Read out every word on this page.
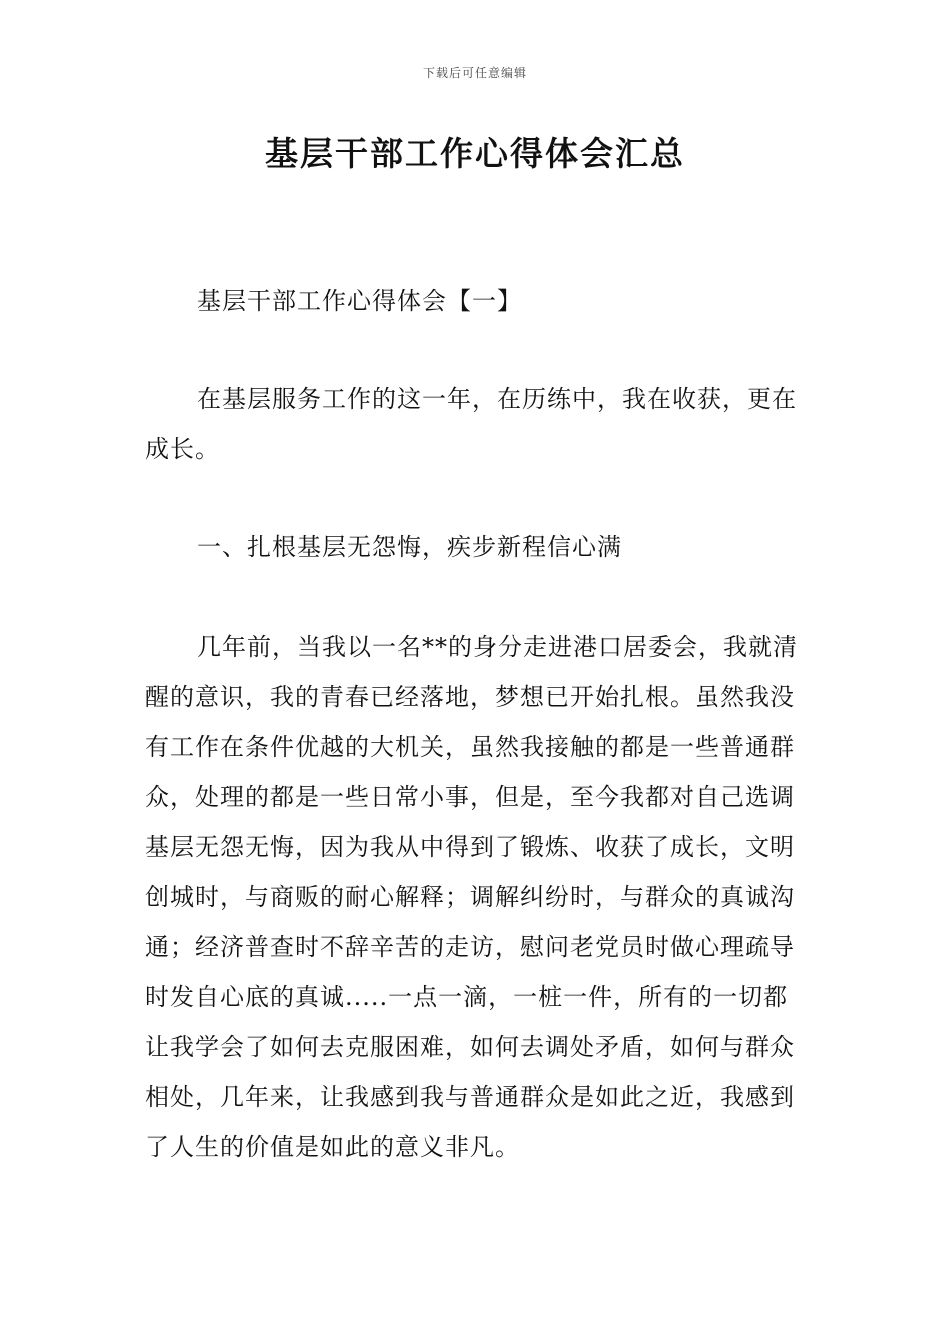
下载后可任意编辑
基层干部工作心得体会汇总

基层干部工作心得体会【一】

在基层服务工作的这一年，在历练中，我在收获，更在成长。

一、扎根基层无怨悔，疾步新程信心满

几年前，当我以一名**的身分走进港口居委会，我就清醒的意识，我的青春已经落地，梦想已开始扎根。虽然我没有工作在条件优越的大机关，虽然我接触的都是一些普通群众，处理的都是一些日常小事，但是，至今我都对自己选调基层无怨无悔，因为我从中得到了锻炼、收获了成长，文明创城时，与商贩的耐心解释；调解纠纷时，与群众的真诚沟通；经济普查时不辞辛苦的走访，慰问老党员时做心理疏导时发自心底的真诚.....一点一滴，一桩一件，所有的一切都让我学会了如何去克服困难，如何去调处矛盾，如何与群众相处，几年来，让我感到我与普通群众是如此之近，我感到了人生的价值是如此的意义非凡。
